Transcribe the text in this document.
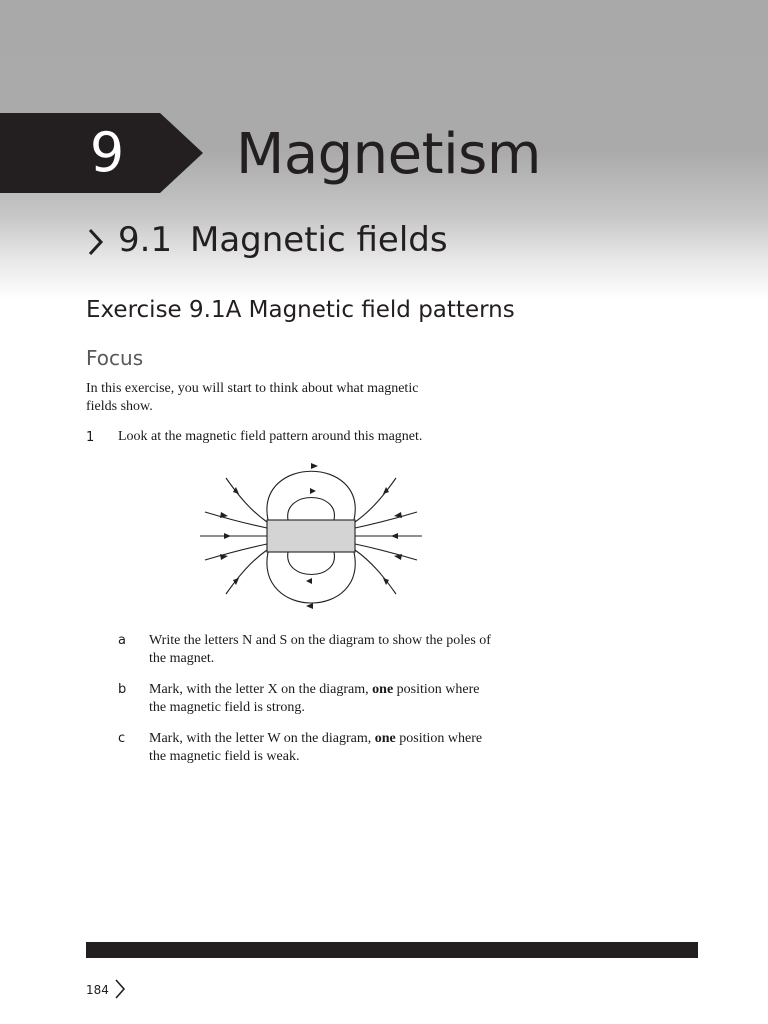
9 Magnetism
9.1 Magnetic fields
Exercise 9.1A Magnetic field patterns
Focus
In this exercise, you will start to think about what magnetic
fields show.
1 Look at the magnetic field pattern around this magnet.
a Write the letters N and S on the diagram to show the poles of
the magnet.
b Mark, with the letter X on the diagram, one position where
the magnetic field is strong.
c Mark, with the letter W on the diagram, one position where
the magnetic field is weak.
184
